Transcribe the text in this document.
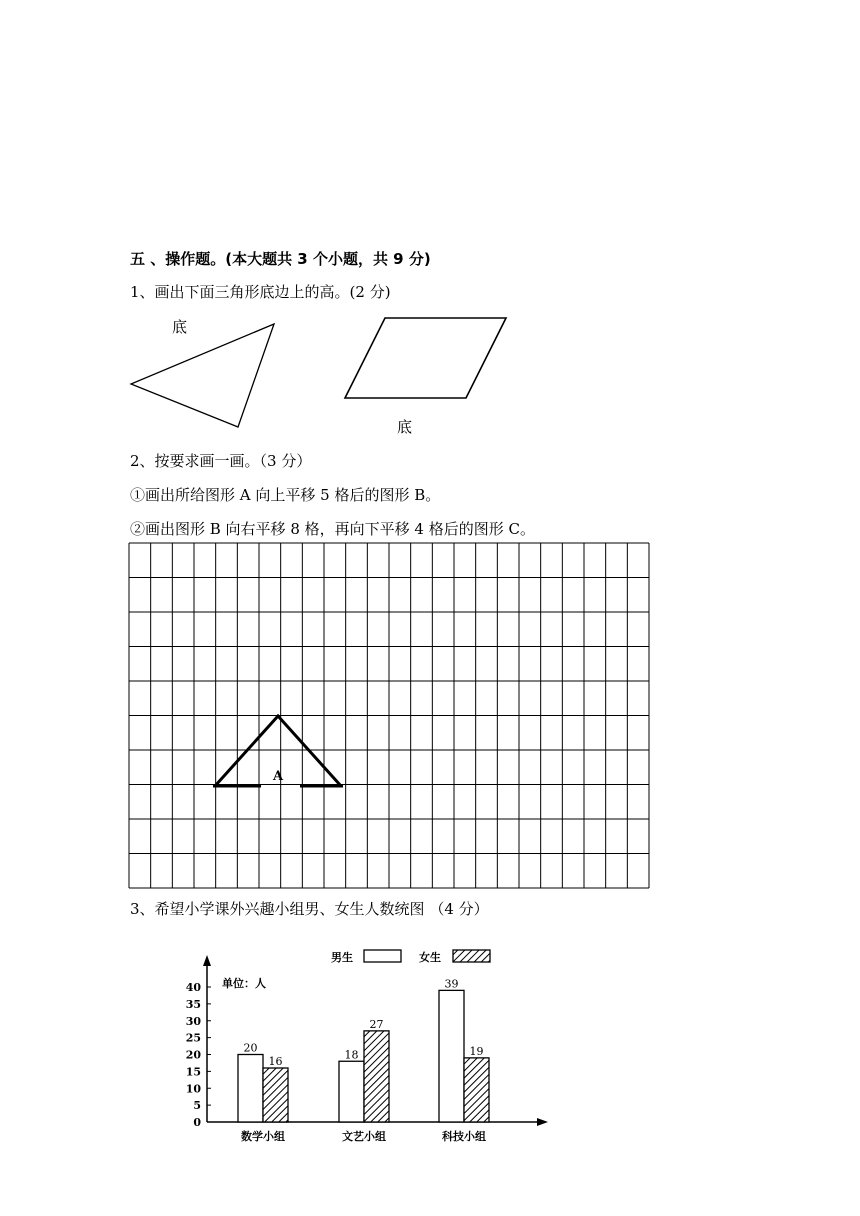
五 、操作题。(本大题共 3 个小题，共 9 分)
1、画出下面三角形底边上的高。(2 分)
底
底
2、按要求画一画。（3 分）
①画出所给图形 A 向上平移 5 格后的图形 B。
②画出图形 B 向右平移 8 格，再向下平移 4 格后的图形 C。
A
3、希望小学课外兴趣小组男、女生人数统图 （4 分）
0
5
10
15
20
25
30
35
40
20
16
18
27
39
19
数学小组	文艺小组	科技小组
单位：人
男生	女生
